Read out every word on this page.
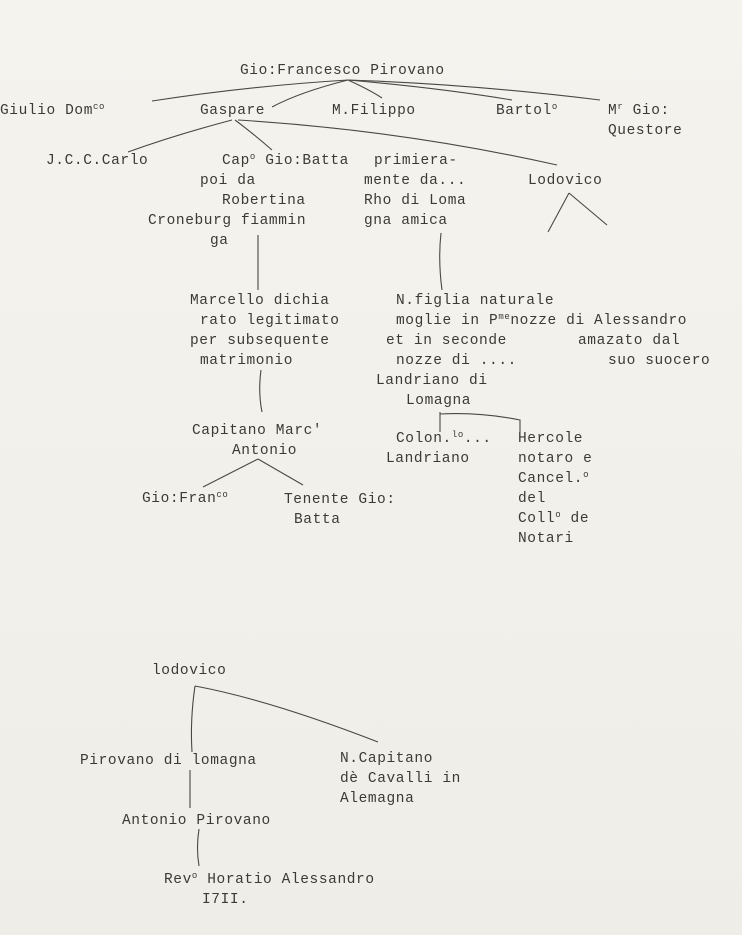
Gio:Francesco Pirovano
Giulio Dom$^{co}$	Gaspare	M.Filippo	Bartol$^o$	$M^r$ Gio:
Questore
J.C.C.Carlo	Cap$^o$ Gio:Batta
poi da
Robertina
Croneburg fiammin
ga
primiera-
mente da...
Rho di Loma
gna amica
Lodovico
Marcello dichia
rato legitimato
per subsequente
matrimonio
N.figlia naturale
moglie in $P^{me}nozze$ di Alessandro
et in seconde	amazato dal
nozze di ....	suo suocero
Landriano di
Lomagna
Capitano Marc'
Antonio
Gio:Fran$^{co}$	Tenente Gio:
Batta
Colon.$^{lo}$...
Landriano
Hercole
notaro e
Cancel.$^o$
del
Coll$^o$ de
Notari
lodovico
Pirovano di lomagna	N.Capitano
dè Cavalli in
Alemagna
Antonio Pirovano
Rev$^o$ Horatio Alessandro
I7II.
